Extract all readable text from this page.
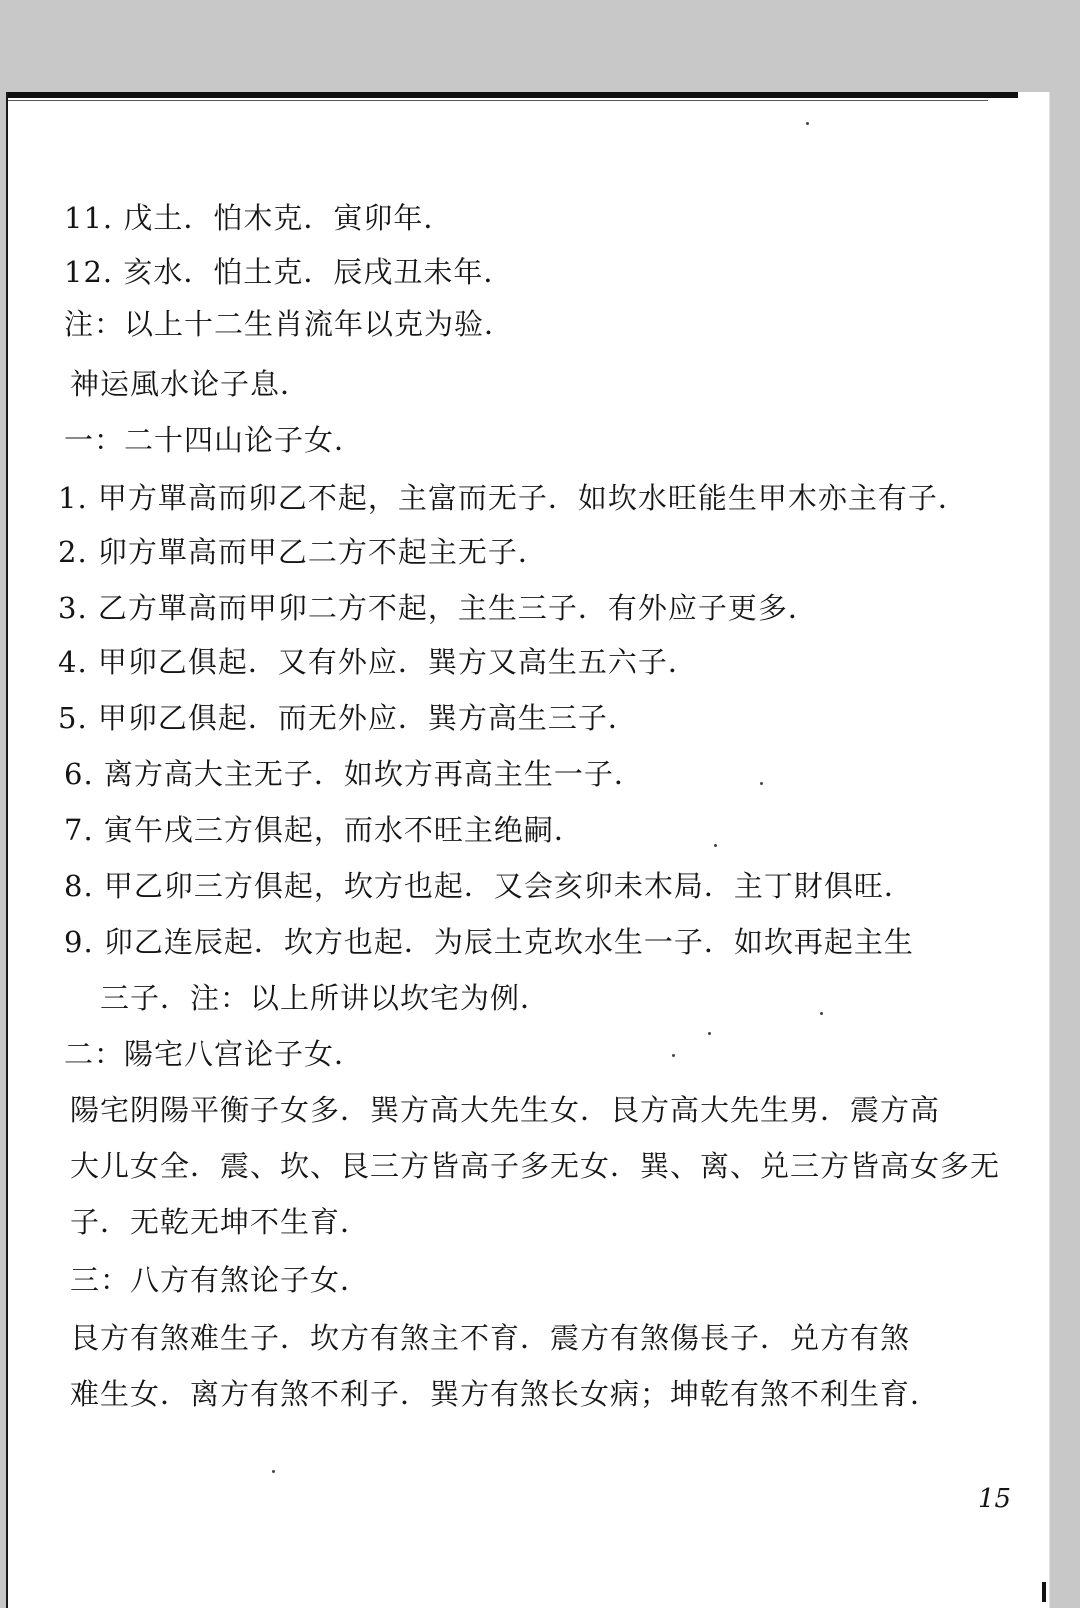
11. 戊土．怕木克．寅卯年．
12. 亥水．怕土克．辰戌丑未年．
注：以上十二生肖流年以克为验．
神运風水论子息．
一：二十四山论子女．
1. 甲方單高而卯乙不起，主富而无子．如坎水旺能生甲木亦主有子．
2. 卯方單高而甲乙二方不起主无子．
3. 乙方單高而甲卯二方不起，主生三子．有外应子更多．
4. 甲卯乙俱起．又有外应．巽方又高生五六子．
5. 甲卯乙俱起．而无外应．巽方高生三子．
6. 离方高大主无子．如坎方再高主生一子．
7. 寅午戌三方俱起，而水不旺主绝嗣．
8. 甲乙卯三方俱起，坎方也起．又会亥卯未木局．主丁財俱旺．
9. 卯乙连辰起．坎方也起．为辰土克坎水生一子．如坎再起主生
三子．注：以上所讲以坎宅为例．
二：陽宅八宫论子女．
陽宅阴陽平衡子女多．巽方高大先生女．艮方高大先生男．震方高
大儿女全．震、坎、艮三方皆高子多无女．巽、离、兑三方皆高女多无
子．无乾无坤不生育．
三：八方有煞论子女．
艮方有煞难生子．坎方有煞主不育．震方有煞傷長子．兑方有煞
难生女．离方有煞不利子．巽方有煞长女病；坤乾有煞不利生育．
15
